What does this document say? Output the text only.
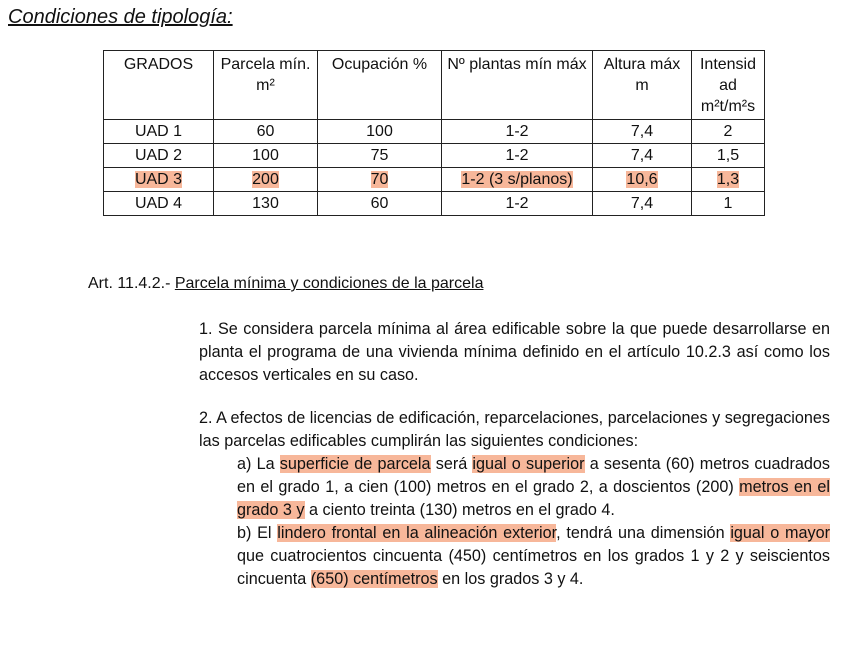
Condiciones de tipología:
GRADOS	Parcela mín. m²	Ocupación %	Nº plantas mín máx	Altura máx m	Intensid ad m²t/m²s
UAD 1	60	100	1-2	7,4	2
UAD 2	100	75	1-2	7,4	1,5
UAD 3	200	70	1-2 (3 s/planos)	10,6	1,3
UAD 4	130	60	1-2	7,4	1

Art. 11.4.2.- Parcela mínima y condiciones de la parcela

1. Se considera parcela mínima al área edificable sobre la que puede desarrollarse en planta el programa de una vivienda mínima definido en el artículo 10.2.3 así como los accesos verticales en su caso.

2. A efectos de licencias de edificación, reparcelaciones, parcelaciones y segregaciones las parcelas edificables cumplirán las siguientes condiciones:
a) La superficie de parcela será igual o superior a sesenta (60) metros cuadrados en el grado 1, a cien (100) metros en el grado 2, a doscientos (200) metros en el grado 3 y a ciento treinta (130) metros en el grado 4.
b) El lindero frontal en la alineación exterior, tendrá una dimensión igual o mayor que cuatrocientos cincuenta (450) centímetros en los grados 1 y 2 y seiscientos cincuenta (650) centímetros en los grados 3 y 4.
